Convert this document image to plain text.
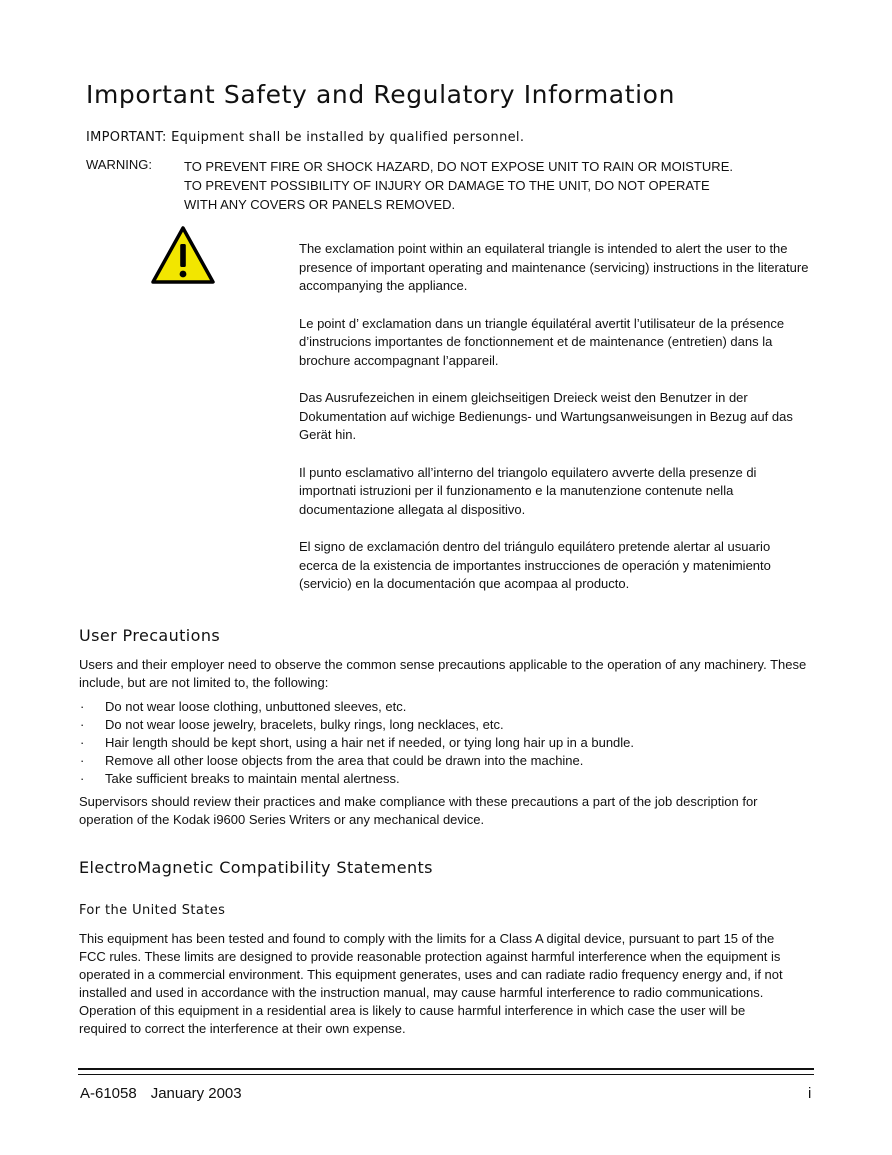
Important Safety and Regulatory Information
IMPORTANT: Equipment shall be installed by qualified personnel.
WARNING: TO PREVENT FIRE OR SHOCK HAZARD, DO NOT EXPOSE UNIT TO RAIN OR MOISTURE.
TO PREVENT POSSIBILITY OF INJURY OR DAMAGE TO THE UNIT, DO NOT OPERATE
WITH ANY COVERS OR PANELS REMOVED.

The exclamation point within an equilateral triangle is intended to alert the user to the presence of important operating and maintenance (servicing) instructions in the literature accompanying the appliance.

Le point d’ exclamation dans un triangle équilatéral avertit l’utilisateur de la présence d’instrucions importantes de fonctionnement et de maintenance (entretien) dans la brochure accompagnant l’appareil.

Das Ausrufezeichen in einem gleichseitigen Dreieck weist den Benutzer in der Dokumentation auf wichige Bedienungs- und Wartungsanweisungen in Bezug auf das Gerät hin.

Il punto esclamativo all’interno del triangolo equilatero avverte della presenze di importnati istruzioni per il funzionamento e la manutenzione contenute nella documentazione allegata al dispositivo.

El signo de exclamación dentro del triángulo equilátero pretende alertar al usuario ecerca de la existencia de importantes instrucciones de operación y matenimiento (servicio) en la documentación que acompaa al producto.

User Precautions
Users and their employer need to observe the common sense precautions applicable to the operation of any machinery. These include, but are not limited to, the following:
·	Do not wear loose clothing, unbuttoned sleeves, etc.
·	Do not wear loose jewelry, bracelets, bulky rings, long necklaces, etc.
·	Hair length should be kept short, using a hair net if needed, or tying long hair up in a bundle.
·	Remove all other loose objects from the area that could be drawn into the machine.
·	Take sufficient breaks to maintain mental alertness.
Supervisors should review their practices and make compliance with these precautions a part of the job description for operation of the Kodak i9600 Series Writers or any mechanical device.
ElectroMagnetic Compatibility Statements
For the United States
This equipment has been tested and found to comply with the limits for a Class A digital device, pursuant to part 15 of the FCC rules. These limits are designed to provide reasonable protection against harmful interference when the equipment is operated in a commercial environment. This equipment generates, uses and can radiate radio frequency energy and, if not installed and used in accordance with the instruction manual, may cause harmful interference to radio communications. Operation of this equipment in a residential area is likely to cause harmful interference in which case the user will be required to correct the interference at their own expense.
A-61058 January 2003	i
